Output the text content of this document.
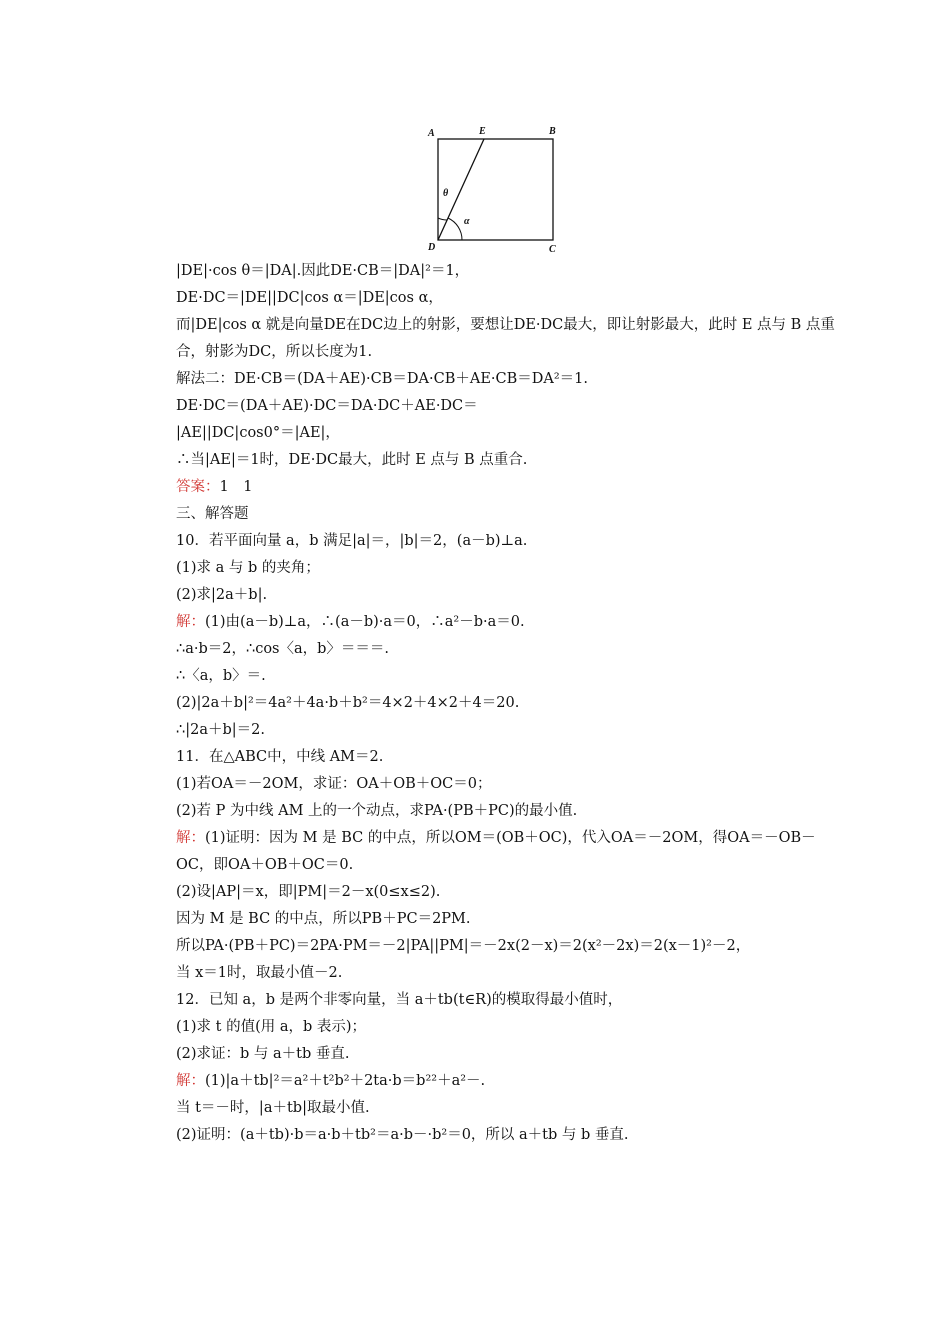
A	E	B
D	C
θ
α
|DE|·cos θ＝|DA|.因此DE·CB＝|DA|²＝1，
DE·DC＝|DE||DC|cos α＝|DE|cos α，
而|DE|cos α 就是向量DE在DC边上的射影，要想让DE·DC最大，即让射影最大，此时 E 点与 B 点重合，射影为DC，所以长度为1.
解法二：DE·CB＝(DA＋AE)·CB＝DA·CB＋AE·CB＝DA²＝1.
DE·DC＝(DA＋AE)·DC＝DA·DC＋AE·DC＝
|AE||DC|cos0°＝|AE|，
∴当|AE|＝1时，DE·DC最大，此时 E 点与 B 点重合.
答案：1　1
三、解答题
10．若平面向量 a，b 满足|a|＝，|b|＝2，(a－b)⊥a.
(1)求 a 与 b 的夹角；
(2)求|2a＋b|.
解：(1)由(a－b)⊥a，∴(a－b)·a＝0，∴a²－b·a＝0.
∴a·b＝2，∴cos〈a，b〉＝＝＝.
∴〈a，b〉＝.
(2)|2a＋b|²＝4a²＋4a·b＋b²＝4×2＋4×2＋4＝20.
∴|2a＋b|＝2.
11．在△ABC中，中线 AM＝2.
(1)若OA＝－2OM，求证：OA＋OB＋OC＝0；
(2)若 P 为中线 AM 上的一个动点，求PA·(PB＋PC)的最小值.
解：(1)证明：因为 M 是 BC 的中点，所以OM＝(OB＋OC)，代入OA＝－2OM，得OA＝－OB－OC，即OA＋OB＋OC＝0.
(2)设|AP|＝x，即|PM|＝2－x(0≤x≤2).
因为 M 是 BC 的中点，所以PB＋PC＝2PM.
所以PA·(PB＋PC)＝2PA·PM＝－2|PA||PM|＝－2x(2－x)＝2(x²－2x)＝2(x－1)²－2，
当 x＝1时，取最小值－2.
12．已知 a，b 是两个非零向量，当 a＋tb(t∈R)的模取得最小值时，
(1)求 t 的值(用 a，b 表示)；
(2)求证：b 与 a＋tb 垂直.
解：(1)|a＋tb|²＝a²＋t²b²＋2ta·b＝b²²＋a²－.
当 t＝－时，|a＋tb|取最小值.
(2)证明：(a＋tb)·b＝a·b＋tb²＝a·b－·b²＝0，所以 a＋tb 与 b 垂直.
